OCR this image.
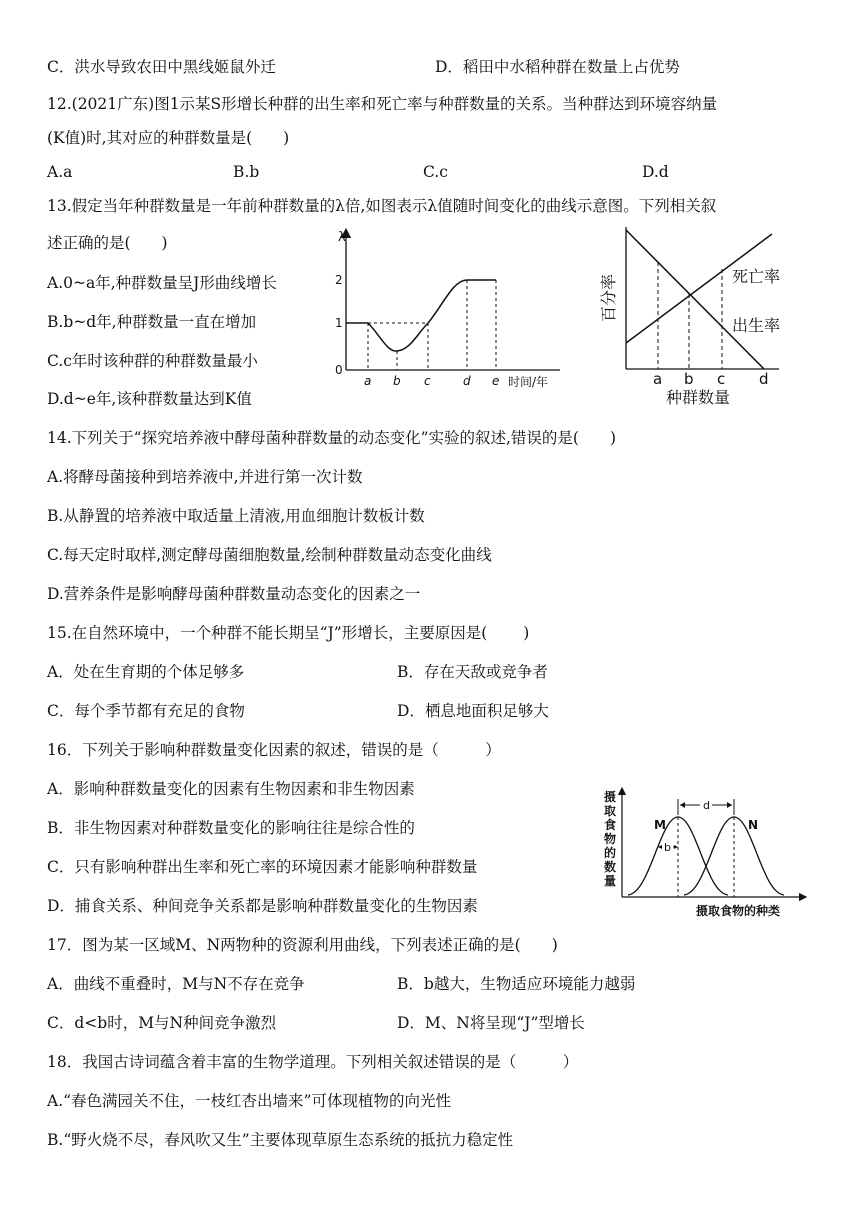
C．洪水导致农田中黑线姬鼠外迁	D．稻田中水稻种群在数量上占优势
12.(2021广东)图1示某S形增长种群的出生率和死亡率与种群数量的关系。当种群达到环境容纳量
(K值)时,其对应的种群数量是(　　)
A.a	B.b	C.c	D.d
13.假定当年种群数量是一年前种群数量的λ倍,如图表示λ值随时间变化的曲线示意图。下列相关叙
述正确的是(　　)
A.0~a年,种群数量呈J形曲线增长
B.b~d年,种群数量一直在增加
C.c年时该种群的种群数量最小
D.d~e年,该种群数量达到K值
14.下列关于“探究培养液中酵母菌种群数量的动态变化”实验的叙述,错误的是(　　)
A.将酵母菌接种到培养液中,并进行第一次计数
B.从静置的培养液中取适量上清液,用血细胞计数板计数
C.每天定时取样,测定酵母菌细胞数量,绘制种群数量动态变化曲线
D.营养条件是影响酵母菌种群数量动态变化的因素之一
15.在自然环境中，一个种群不能长期呈“J”形增长，主要原因是(　　 )
A．处在生育期的个体足够多	B．存在天敌或竞争者
C．每个季节都有充足的食物	D．栖息地面积足够大
16．下列关于影响种群数量变化因素的叙述，错误的是（　　　）
A．影响种群数量变化的因素有生物因素和非生物因素
B．非生物因素对种群数量变化的影响往往是综合性的
C．只有影响种群出生率和死亡率的环境因素才能影响种群数量
D．捕食关系、种间竞争关系都是影响种群数量变化的生物因素
17．图为某一区域M、N两物种的资源利用曲线，下列表述正确的是(　　)
A．曲线不重叠时，M与N不存在竞争	B．b越大，生物适应环境能力越弱
C．d<b时，M与N种间竞争激烈	D．M、N将呈现“J”型增长
18．我国古诗词蕴含着丰富的生物学道理。下列相关叙述错误的是（　　　）
A.“春色满园关不住，一枝红杏出墙来”可体现植物的向光性
B.“野火烧不尽，春风吹又生”主要体现草原生态系统的抵抗力稳定性
λ
2
1
0
a b c	d e 时间/年
百分率	死亡率
出生率
a b c d
种群数量
摄
取
食
物
的
数
量
d
b
M	N
摄取食物的种类
